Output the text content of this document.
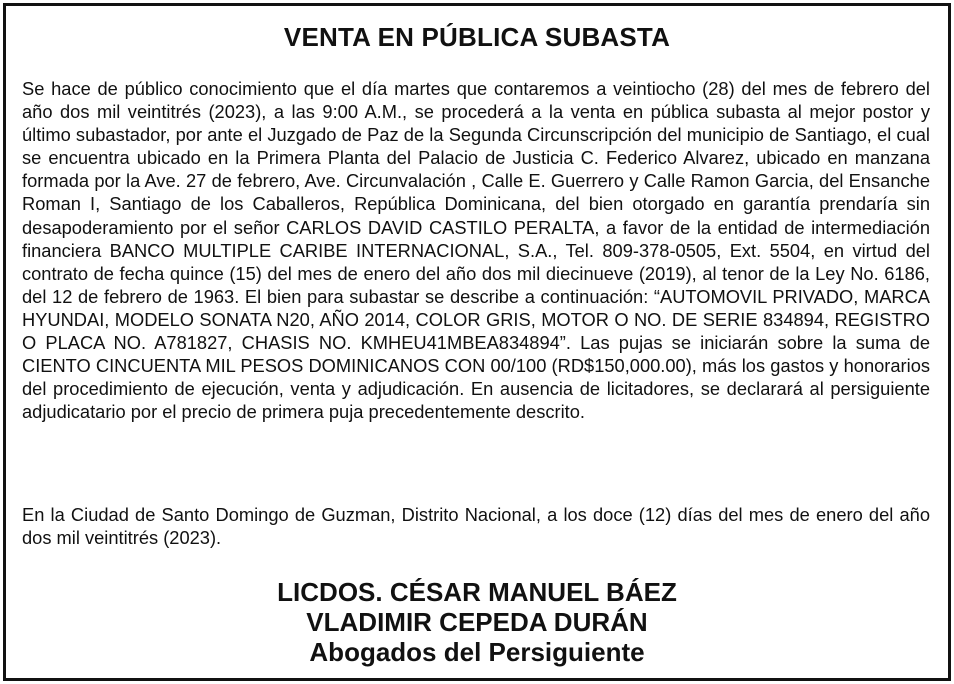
VENTA EN PÚBLICA SUBASTA

Se hace de público conocimiento que el día martes que contaremos a veintiocho (28) del mes de febrero del año dos mil veintitrés (2023), a las 9:00 A.M., se procederá a la venta en pública subasta al mejor postor y último subastador, por ante el Juzgado de Paz de la Segunda Circunscripción del municipio de Santiago, el cual se encuentra ubicado en la Primera Planta del Palacio de Justicia C. Federico Alvarez, ubicado en manzana formada por la Ave. 27 de febrero, Ave. Circunvalación , Calle E. Guerrero y Calle Ramon Garcia, del Ensanche Roman I, Santiago de los Caballeros, República Dominicana, del bien otorgado en garantía prendaría sin desapoderamiento por el señor CARLOS DAVID CASTILO PERALTA, a favor de la entidad de intermediación financiera BANCO MULTIPLE CARIBE INTERNACIONAL, S.A., Tel. 809-378-0505, Ext. 5504, en virtud del contrato de fecha quince (15) del mes de enero del año dos mil diecinueve (2019), al tenor de la Ley No. 6186, del 12 de febrero de 1963. El bien para subastar se describe a continuación: “AUTOMOVIL PRIVADO, MARCA HYUNDAI, MODELO SONATA N20, AÑO 2014, COLOR GRIS, MOTOR O NO. DE SERIE 834894, REGISTRO O PLACA NO. A781827, CHASIS NO. KMHEU41MBEA834894”. Las pujas se iniciarán sobre la suma de CIENTO CINCUENTA MIL PESOS DOMINICANOS CON 00/100 (RD$150,000.00), más los gastos y honorarios del procedimiento de ejecución, venta y adjudicación. En ausencia de licitadores, se declarará al persiguiente adjudicatario por el precio de primera puja precedentemente descrito.

En la Ciudad de Santo Domingo de Guzman, Distrito Nacional, a los doce (12) días del mes de enero del año dos mil veintitrés (2023).

LICDOS. CÉSAR MANUEL BÁEZ
VLADIMIR CEPEDA DURÁN
Abogados del Persiguiente
